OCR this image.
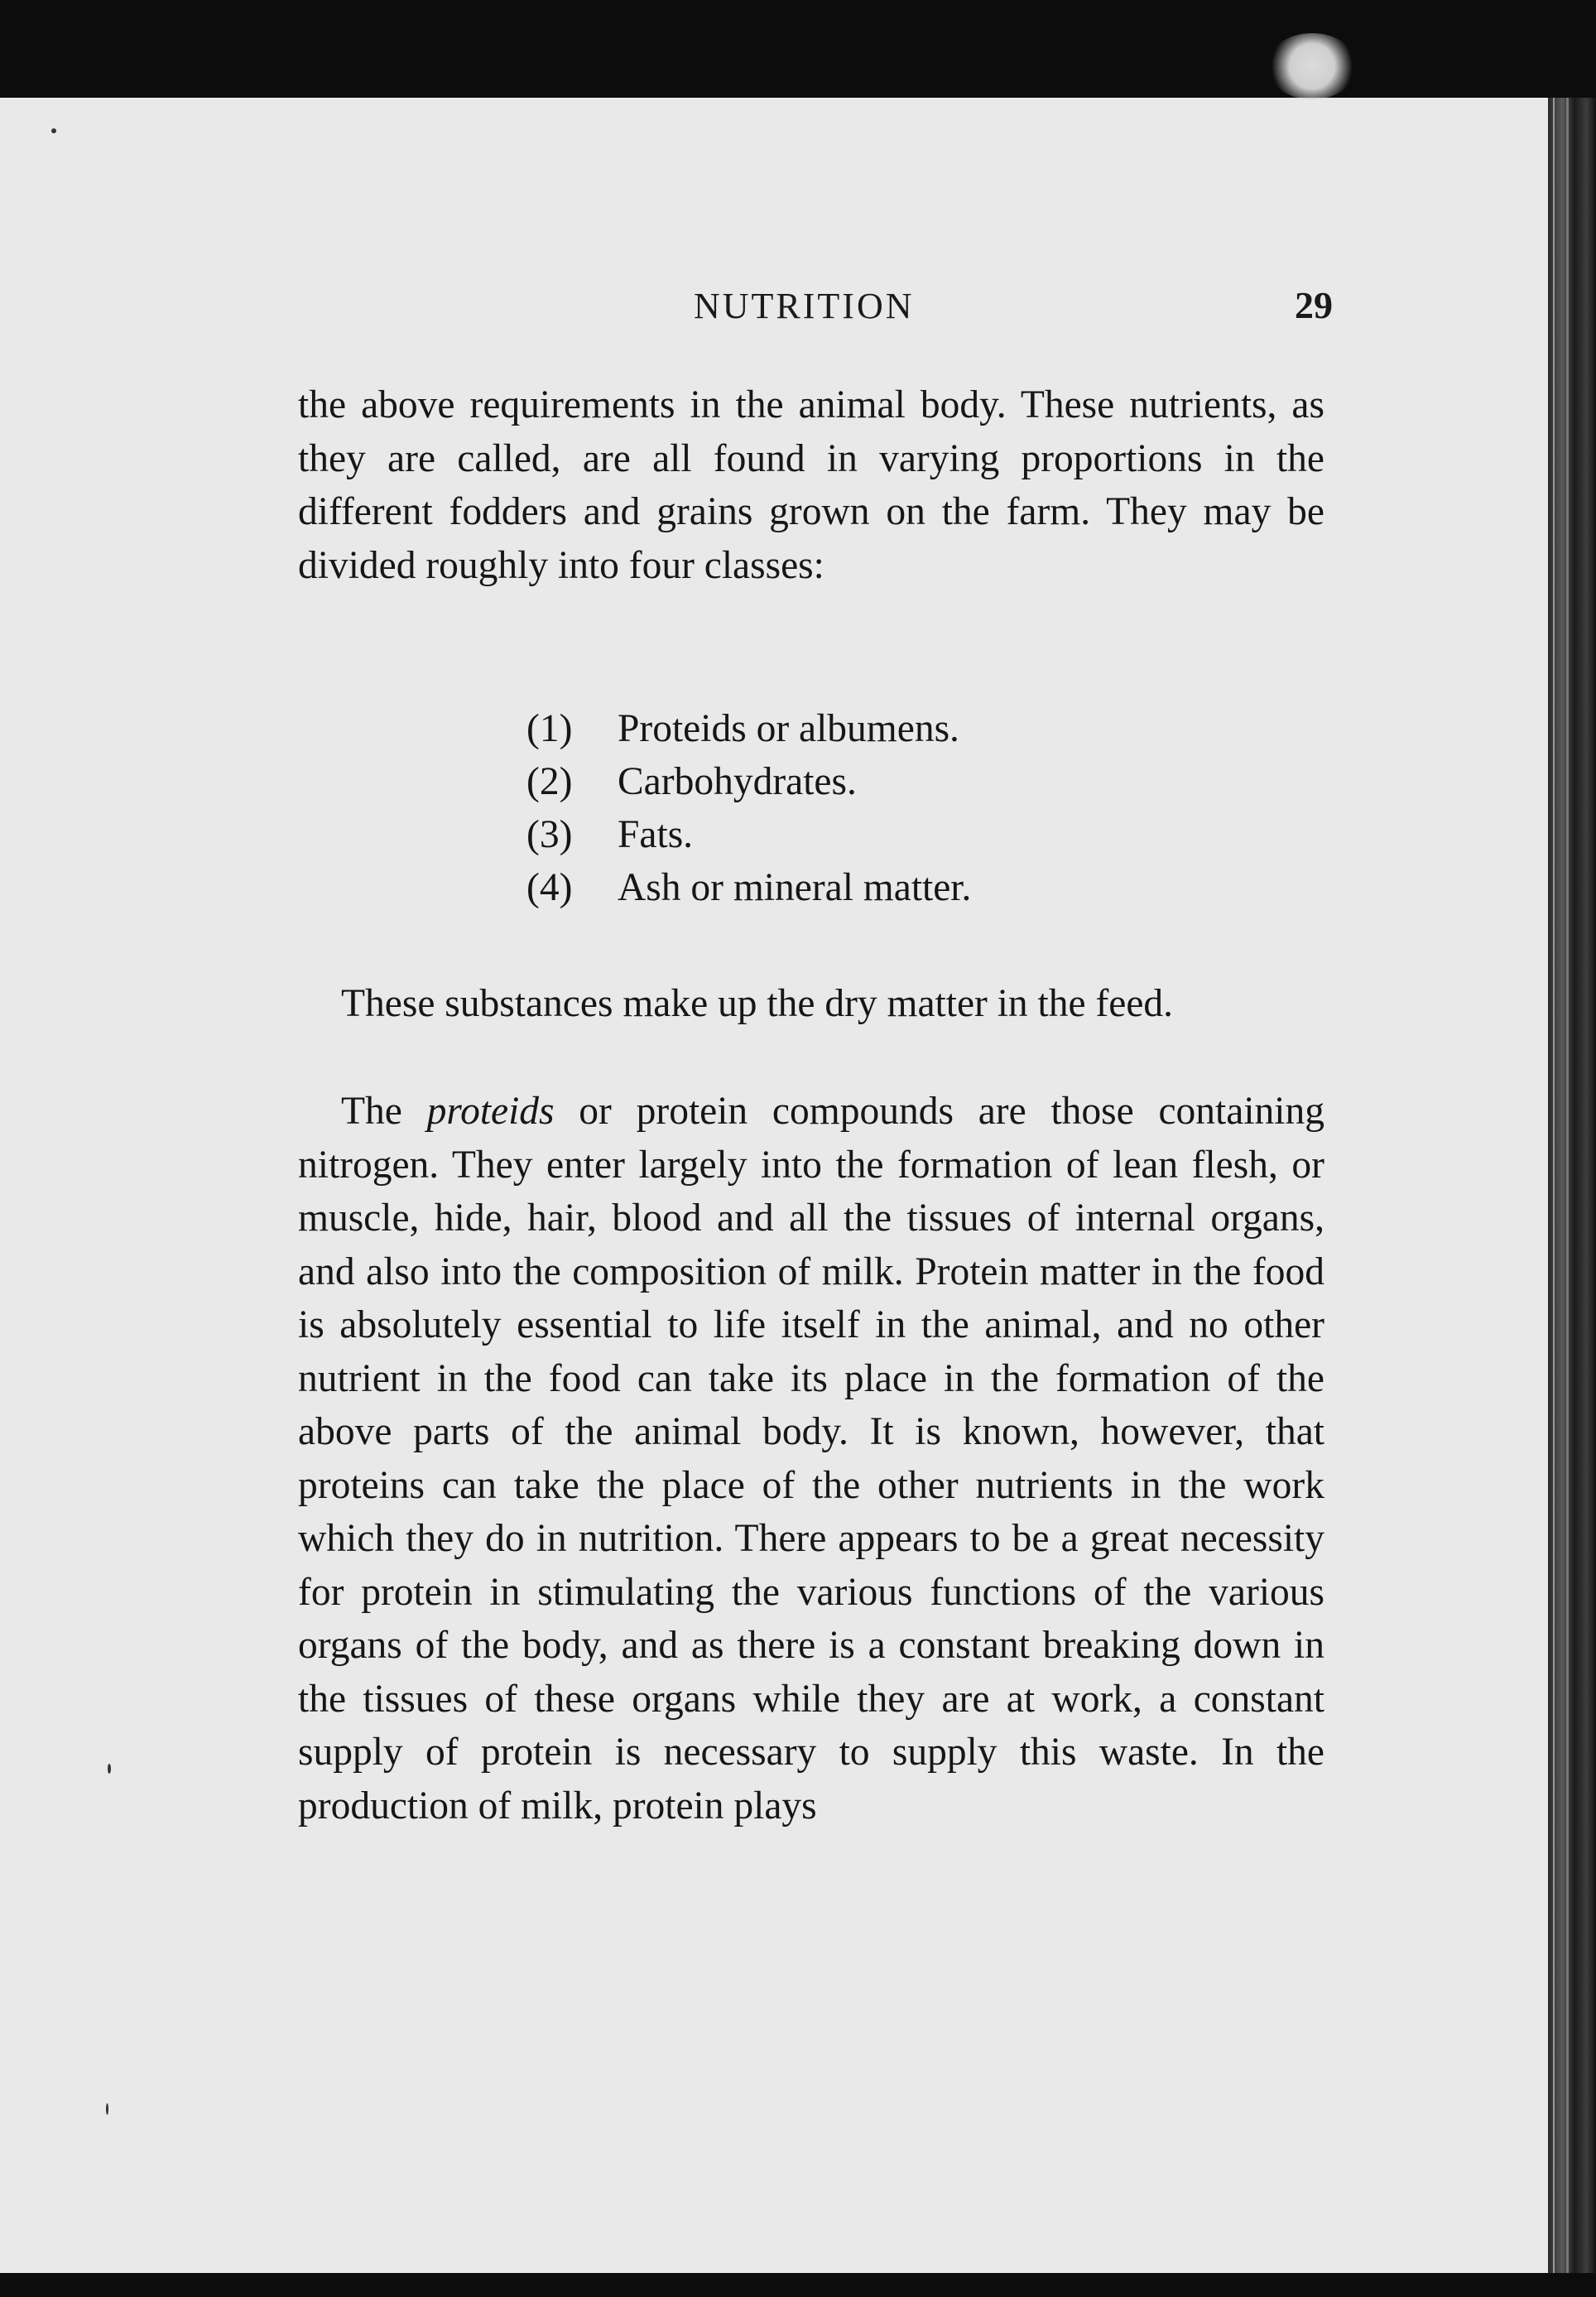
NUTRITION	29

the above requirements in the animal body. These nutrients, as they are called, are all found in varying proportions in the different fodders and grains grown on the farm. They may be divided roughly into four classes:

(1)	Proteids or albumens.
(2)	Carbohydrates.
(3)	Fats.
(4)	Ash or mineral matter.

These substances make up the dry matter in the feed.

The proteids or protein compounds are those containing nitrogen. They enter largely into the formation of lean flesh, or muscle, hide, hair, blood and all the tissues of internal organs, and also into the composition of milk. Protein matter in the food is absolutely essential to life itself in the animal, and no other nutrient in the food can take its place in the formation of the above parts of the animal body. It is known, however, that proteins can take the place of the other nutrients in the work which they do in nutrition. There appears to be a great necessity for protein in stimulating the various functions of the various organs of the body, and as there is a constant breaking down in the tissues of these organs while they are at work, a constant supply of protein is necessary to supply this waste. In the production of milk, protein plays
